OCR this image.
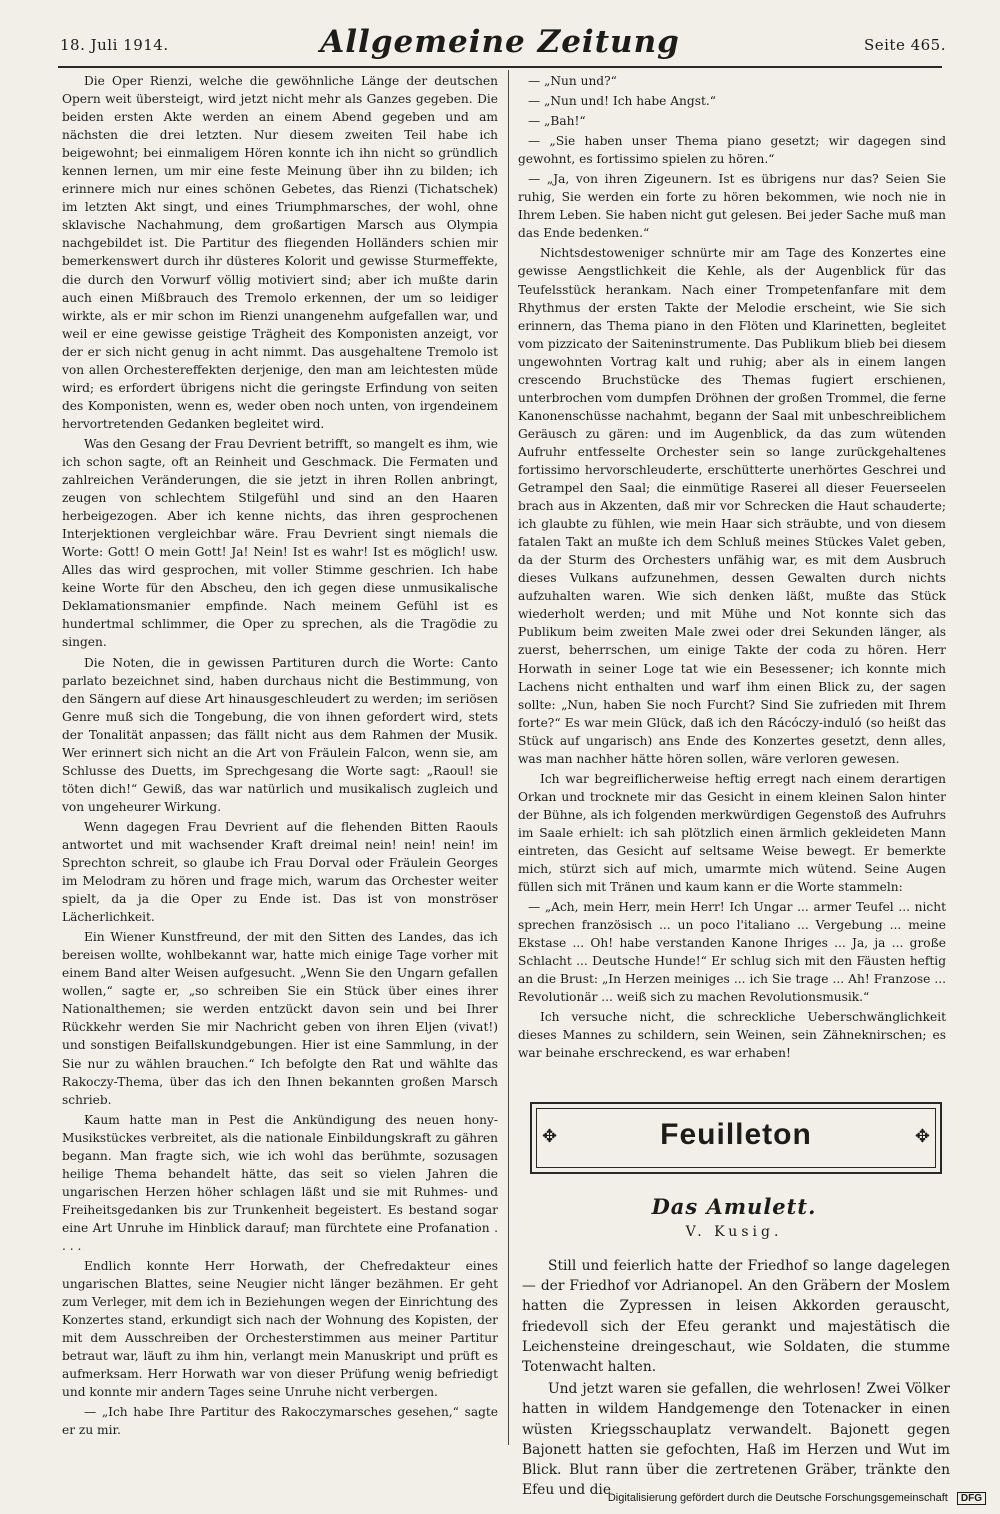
18. Juli 1914.	Allgemeine Zeitung	Seite 465.

Die Oper Rienzi, welche die gewöhnliche Länge der deutschen Opern weit übersteigt, wird jetzt nicht mehr als Ganzes gegeben. Die beiden ersten Akte werden an einem Abend gegeben und am nächsten die drei letzten. Nur diesem zweiten Teil habe ich beigewohnt; bei einmaligem Hören konnte ich ihn nicht so gründlich kennen lernen, um mir eine feste Meinung über ihn zu bilden; ich erinnere mich nur eines schönen Gebetes, das Rienzi (Tichatschek) im letzten Akt singt, und eines Triumphmarsches, der wohl, ohne sklavische Nachahmung, dem großartigen Marsch aus Olympia nachgebildet ist. Die Partitur des fliegenden Holländers schien mir bemerkenswert durch ihr düsteres Kolorit und gewisse Sturmeffekte, die durch den Vorwurf völlig motiviert sind; aber ich mußte darin auch einen Mißbrauch des Tremolo erkennen, der um so leidiger wirkte, als er mir schon im Rienzi unangenehm aufgefallen war, und weil er eine gewisse geistige Trägheit des Komponisten anzeigt, vor der er sich nicht genug in acht nimmt. Das ausgehaltene Tremolo ist von allen Orchestereffekten derjenige, den man am leichtesten müde wird; es erfordert übrigens nicht die geringste Erfindung von seiten des Komponisten, wenn es, weder oben noch unten, von irgendeinem hervortretenden Gedanken begleitet wird.

Was den Gesang der Frau Devrient betrifft, so mangelt es ihm, wie ich schon sagte, oft an Reinheit und Geschmack. Die Fermaten und zahlreichen Veränderungen, die sie jetzt in ihren Rollen anbringt, zeugen von schlechtem Stilgefühl und sind an den Haaren herbeigezogen. Aber ich kenne nichts, das ihren gesprochenen Interjektionen vergleichbar wäre. Frau Devrient singt niemals die Worte: Gott! O mein Gott! Ja! Nein! Ist es wahr! Ist es möglich! usw. Alles das wird gesprochen, mit voller Stimme geschrien. Ich habe keine Worte für den Abscheu, den ich gegen diese unmusikalische Deklamationsmanier empfinde. Nach meinem Gefühl ist es hundertmal schlimmer, die Oper zu sprechen, als die Tragödie zu singen.

Die Noten, die in gewissen Partituren durch die Worte: Canto parlato bezeichnet sind, haben durchaus nicht die Bestimmung, von den Sängern auf diese Art hinausgeschleudert zu werden; im seriösen Genre muß sich die Tongebung, die von ihnen gefordert wird, stets der Tonalität anpassen; das fällt nicht aus dem Rahmen der Musik. Wer erinnert sich nicht an die Art von Fräulein Falcon, wenn sie, am Schlusse des Duetts, im Sprechgesang die Worte sagt: „Raoul! sie töten dich!“ Gewiß, das war natürlich und musikalisch zugleich und von ungeheurer Wirkung.

Wenn dagegen Frau Devrient auf die flehenden Bitten Raouls antwortet und mit wachsender Kraft dreimal nein! nein! nein! im Sprechton schreit, so glaube ich Frau Dorval oder Fräulein Georges im Melodram zu hören und frage mich, warum das Orchester weiter spielt, da ja die Oper zu Ende ist. Das ist von monströser Lächerlichkeit.

Ein Wiener Kunstfreund, der mit den Sitten des Landes, das ich bereisen wollte, wohlbekannt war, hatte mich einige Tage vorher mit einem Band alter Weisen aufgesucht. „Wenn Sie den Ungarn gefallen wollen,“ sagte er, „so schreiben Sie ein Stück über eines ihrer Nationalthemen; sie werden entzückt davon sein und bei Ihrer Rückkehr werden Sie mir Nachricht geben von ihren Eljen (vivat!) und sonstigen Beifallskundgebungen. Hier ist eine Sammlung, in der Sie nur zu wählen brauchen.“ Ich befolgte den Rat und wählte das Rakoczy-Thema, über das ich den Ihnen bekannten großen Marsch schrieb.

Kaum hatte man in Pest die Ankündigung des neuen hony-Musikstückes verbreitet, als die nationale Einbildungskraft zu gähren begann. Man fragte sich, wie ich wohl das berühmte, sozusagen heilige Thema behandelt hätte, das seit so vielen Jahren die ungarischen Herzen höher schlagen läßt und sie mit Ruhmes- und Freiheitsgedanken bis zur Trunkenheit begeistert. Es bestand sogar eine Art Unruhe im Hinblick darauf; man fürchtete eine Profanation . . . .

Endlich konnte Herr Horwath, der Chefredakteur eines ungarischen Blattes, seine Neugier nicht länger bezähmen. Er geht zum Verleger, mit dem ich in Beziehungen wegen der Einrichtung des Konzertes stand, erkundigt sich nach der Wohnung des Kopisten, der mit dem Ausschreiben der Orchesterstimmen aus meiner Partitur betraut war, läuft zu ihm hin, verlangt mein Manuskript und prüft es aufmerksam. Herr Horwath war von dieser Prüfung wenig befriedigt und konnte mir andern Tages seine Unruhe nicht verbergen.

— „Ich habe Ihre Partitur des Rakoczymarsches gesehen,“ sagte er zu mir.

— „Nun und?“

— „Nun und! Ich habe Angst.“

— „Bah!“

— „Sie haben unser Thema piano gesetzt; wir dagegen sind gewohnt, es fortissimo spielen zu hören.“

— „Ja, von ihren Zigeunern. Ist es übrigens nur das? Seien Sie ruhig, Sie werden ein forte zu hören bekommen, wie noch nie in Ihrem Leben. Sie haben nicht gut gelesen. Bei jeder Sache muß man das Ende bedenken.“

Nichtsdestoweniger schnürte mir am Tage des Konzertes eine gewisse Aengstlichkeit die Kehle, als der Augenblick für das Teufelsstück herankam. Nach einer Trompetenfanfare mit dem Rhythmus der ersten Takte der Melodie erscheint, wie Sie sich erinnern, das Thema piano in den Flöten und Klarinetten, begleitet vom pizzicato der Saiteninstrumente. Das Publikum blieb bei diesem ungewohnten Vortrag kalt und ruhig; aber als in einem langen crescendo Bruchstücke des Themas fugiert erschienen, unterbrochen vom dumpfen Dröhnen der großen Trommel, die ferne Kanonenschüsse nachahmt, begann der Saal mit unbeschreiblichem Geräusch zu gären: und im Augenblick, da das zum wütenden Aufruhr entfesselte Orchester sein so lange zurückgehaltenes fortissimo hervorschleuderte, erschütterte unerhörtes Geschrei und Getrampel den Saal; die einmütige Raserei all dieser Feuerseelen brach aus in Akzenten, daß mir vor Schrecken die Haut schauderte; ich glaubte zu fühlen, wie mein Haar sich sträubte, und von diesem fatalen Takt an mußte ich dem Schluß meines Stückes Valet geben, da der Sturm des Orchesters unfähig war, es mit dem Ausbruch dieses Vulkans aufzunehmen, dessen Gewalten durch nichts aufzuhalten waren. Wie sich denken läßt, mußte das Stück wiederholt werden; und mit Mühe und Not konnte sich das Publikum beim zweiten Male zwei oder drei Sekunden länger, als zuerst, beherrschen, um einige Takte der coda zu hören. Herr Horwath in seiner Loge tat wie ein Besessener; ich konnte mich Lachens nicht enthalten und warf ihm einen Blick zu, der sagen sollte: „Nun, haben Sie noch Furcht? Sind Sie zufrieden mit Ihrem forte?“ Es war mein Glück, daß ich den Rácóczy-induló (so heißt das Stück auf ungarisch) ans Ende des Konzertes gesetzt, denn alles, was man nachher hätte hören sollen, wäre verloren gewesen.

Ich war begreiflicherweise heftig erregt nach einem derartigen Orkan und trocknete mir das Gesicht in einem kleinen Salon hinter der Bühne, als ich folgenden merkwürdigen Gegenstoß des Aufruhrs im Saale erhielt: ich sah plötzlich einen ärmlich gekleideten Mann eintreten, das Gesicht auf seltsame Weise bewegt. Er bemerkte mich, stürzt sich auf mich, umarmte mich wütend. Seine Augen füllen sich mit Tränen und kaum kann er die Worte stammeln:

— „Ach, mein Herr, mein Herr! Ich Ungar ... armer Teufel ... nicht sprechen französisch ... un poco l'italiano ... Vergebung ... meine Ekstase ... Oh! habe verstanden Kanone Ihriges ... Ja, ja ... große Schlacht ... Deutsche Hunde!“ Er schlug sich mit den Fäusten heftig an die Brust: „In Herzen meiniges ... ich Sie trage ... Ah! Franzose ... Revolutionär ... weiß sich zu machen Revolutionsmusik.“

Ich versuche nicht, die schreckliche Ueberschwänglichkeit dieses Mannes zu schildern, sein Weinen, sein Zähneknirschen; es war beinahe erschreckend, es war erhaben!

✥	Feuilleton	✥
Das Amulett.
V. Kusig.

Still und feierlich hatte der Friedhof so lange dagelegen — der Friedhof vor Adrianopel. An den Gräbern der Moslem hatten die Zypressen in leisen Akkorden gerauscht, friedevoll sich der Efeu gerankt und majestätisch die Leichensteine dreingeschaut, wie Soldaten, die stumme Totenwacht halten.

Und jetzt waren sie gefallen, die wehrlosen! Zwei Völker hatten in wildem Handgemenge den Totenacker in einen wüsten Kriegsschauplatz verwandelt. Bajonett gegen Bajonett hatten sie gefochten, Haß im Herzen und Wut im Blick. Blut rann über die zertretenen Gräber, tränkte den Efeu und die

Digitalisierung gefördert durch die Deutsche Forschungsgemeinschaft DFG
